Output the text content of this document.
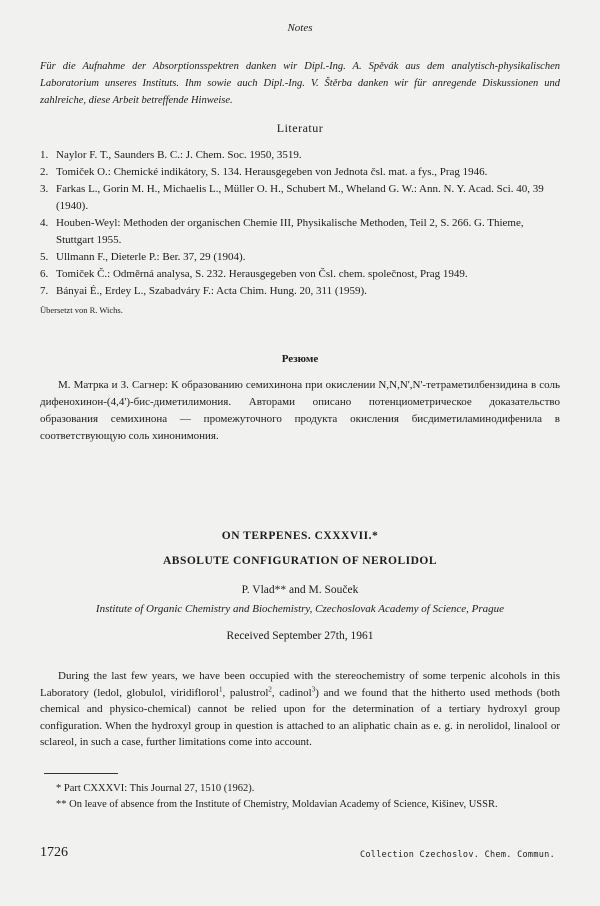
Notes
Für die Aufnahme der Absorptionsspektren danken wir Dipl.-Ing. A. Spěvák aus dem analytisch-physikalischen Laboratorium unseres Instituts. Ihm sowie auch Dipl.-Ing. V. Štěrba danken wir für anregende Diskussionen und zahlreiche, diese Arbeit betreffende Hinweise.
Literatur
1. Naylor F. T., Saunders B. C.: J. Chem. Soc. 1950, 3519.
2. Tomiček O.: Chemické indikátory, S. 134. Herausgegeben von Jednota čsl. mat. a fys., Prag 1946.
3. Farkas L., Gorin M. H., Michaelis L., Müller O. H., Schubert M., Wheland G. W.: Ann. N. Y. Acad. Sci. 40, 39 (1940).
4. Houben-Weyl: Methoden der organischen Chemie III, Physikalische Methoden, Teil 2, S. 266. G. Thieme, Stuttgart 1955.
5. Ullmann F., Dieterle P.: Ber. 37, 29 (1904).
6. Tomiček Č.: Odměrná analysa, S. 232. Herausgegeben von Čsl. chem. společnost, Prag 1949.
7. Bányai É., Erdey L., Szabadváry F.: Acta Chim. Hung. 20, 311 (1959).
Übersetzt von R. Wichs.
Резюме
М. Матрка и З. Сагнер: К образованию семихинона при окислении N,N,N',N'-тетраметилбензидина в соль дифенохинон-(4,4')-бис-диметилимония. Авторами описано потенциометрическое доказательство образования семихинона — промежуточного продукта окисления бисдиметиламинодифенила в соответствующую соль хинонимония.
ON TERPENES. CXXXVII.*
ABSOLUTE CONFIGURATION OF NEROLIDOL
P. Vlad** and M. Souček
Institute of Organic Chemistry and Biochemistry, Czechoslovak Academy of Science, Prague
Received September 27th, 1961
During the last few years, we have been occupied with the stereochemistry of some terpenic alcohols in this Laboratory (ledol, globulol, viridiflorol$^1$, palustrol$^2$, cadinol$^3$) and we found that the hitherto used methods (both chemical and physico-chemical) cannot be relied upon for the determination of a tertiary hydroxyl group configuration. When the hydroxyl group in question is attached to an aliphatic chain as e. g. in nerolidol, linalool or sclareol, in such a case, further limitations come into account.
* Part CXXXVI: This Journal 27, 1510 (1962).
** On leave of absence from the Institute of Chemistry, Moldavian Academy of Science, Kišinev, USSR.
1726	Collection Czechoslov. Chem. Commun.
